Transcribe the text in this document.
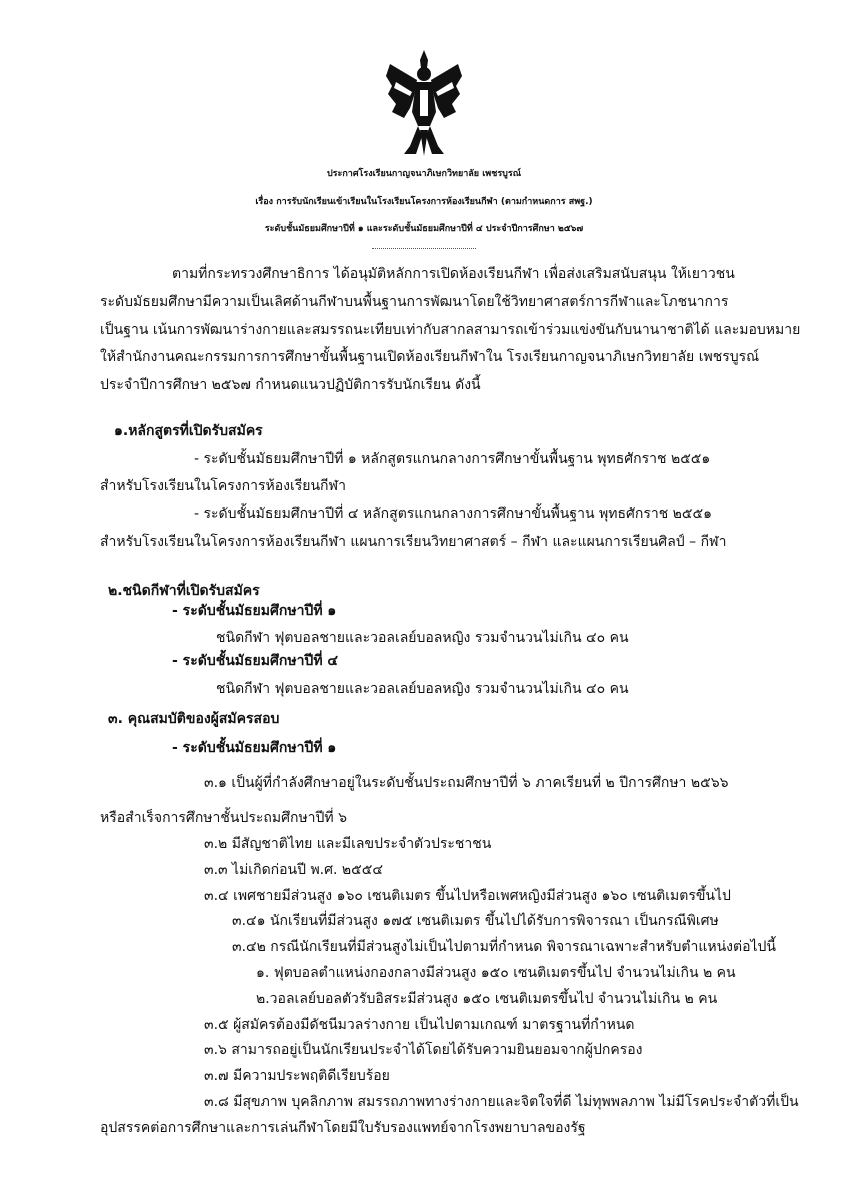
ประกาศโรงเรียนกาญจนาภิเษกวิทยาลัย เพชรบูรณ์
เรื่อง การรับนักเรียนเข้าเรียนในโรงเรียนโครงการห้องเรียนกีฬา (ตามกำหนดการ สพฐ.)
ระดับชั้นมัธยมศึกษาปีที่ ๑ และระดับชั้นมัธยมศึกษาปีที่ ๔ ประจำปีการศึกษา ๒๕๖๗
ตามที่กระทรวงศึกษาธิการ ได้อนุมัติหลักการเปิดห้องเรียนกีฬา เพื่อส่งเสริมสนับสนุน ให้เยาวชน
ระดับมัธยมศึกษามีความเป็นเลิศด้านกีฬาบนพื้นฐานการพัฒนาโดยใช้วิทยาศาสตร์การกีฬาและโภชนาการ
เป็นฐาน เน้นการพัฒนาร่างกายและสมรรถนะเทียบเท่ากับสากลสามารถเข้าร่วมแข่งขันกับนานาชาติได้ และมอบหมาย
ให้สำนักงานคณะกรรมการการศึกษาขั้นพื้นฐานเปิดห้องเรียนกีฬาใน โรงเรียนกาญจนาภิเษกวิทยาลัย เพชรบูรณ์
ประจำปีการศึกษา ๒๕๖๗ กำหนดแนวปฏิบัติการรับนักเรียน ดังนี้
๑.หลักสูตรที่เปิดรับสมัคร
- ระดับชั้นมัธยมศึกษาปีที่ ๑ หลักสูตรแกนกลางการศึกษาขั้นพื้นฐาน พุทธศักราช ๒๕๕๑
สำหรับโรงเรียนในโครงการห้องเรียนกีฬา
- ระดับชั้นมัธยมศึกษาปีที่ ๔ หลักสูตรแกนกลางการศึกษาขั้นพื้นฐาน พุทธศักราช ๒๕๕๑
สำหรับโรงเรียนในโครงการห้องเรียนกีฬา แผนการเรียนวิทยาศาสตร์ – กีฬา และแผนการเรียนศิลป์ – กีฬา
๒.ชนิดกีฬาที่เปิดรับสมัคร
- ระดับชั้นมัธยมศึกษาปีที่ ๑
ชนิดกีฬา ฟุตบอลชายและวอลเลย์บอลหญิง รวมจำนวนไม่เกิน ๔๐ คน
- ระดับชั้นมัธยมศึกษาปีที่ ๔
ชนิดกีฬา ฟุตบอลชายและวอลเลย์บอลหญิง รวมจำนวนไม่เกิน ๔๐ คน
๓. คุณสมบัติของผู้สมัครสอบ
- ระดับชั้นมัธยมศึกษาปีที่ ๑
๓.๑ เป็นผู้ที่กำลังศึกษาอยู่ในระดับชั้นประถมศึกษาปีที่ ๖ ภาคเรียนที่ ๒ ปีการศึกษา ๒๕๖๖
หรือสำเร็จการศึกษาชั้นประถมศึกษาปีที่ ๖
๓.๒ มีสัญชาติไทย และมีเลขประจำตัวประชาชน
๓.๓ ไม่เกิดก่อนปี พ.ศ. ๒๕๕๔
๓.๔ เพศชายมีส่วนสูง ๑๖๐ เซนติเมตร ขึ้นไปหรือเพศหญิงมีส่วนสูง ๑๖๐ เซนติเมตรขึ้นไป
๓.๔๑ นักเรียนที่มีส่วนสูง ๑๗๕ เซนติเมตร ขึ้นไปได้รับการพิจารณา เป็นกรณีพิเศษ
๓.๔๒ กรณีนักเรียนที่มีส่วนสูงไม่เป็นไปตามที่กำหนด พิจารณาเฉพาะสำหรับตำแหน่งต่อไปนี้
๑. ฟุตบอลตำแหน่งกองกลางมีส่วนสูง ๑๕๐ เซนติเมตรขึ้นไป จำนวนไม่เกิน ๒ คน
๒.วอลเลย์บอลตัวรับอิสระมีส่วนสูง ๑๕๐ เซนติเมตรขึ้นไป จำนวนไม่เกิน ๒ คน
๓.๕ ผู้สมัครต้องมีดัชนีมวลร่างกาย เป็นไปตามเกณฑ์ มาตรฐานที่กำหนด
๓.๖ สามารถอยู่เป็นนักเรียนประจำได้โดยได้รับความยินยอมจากผู้ปกครอง
๓.๗ มีความประพฤติดีเรียบร้อย
๓.๘ มีสุขภาพ บุคลิกภาพ สมรรถภาพทางร่างกายและจิตใจที่ดี ไม่ทุพพลภาพ ไม่มีโรคประจำตัวที่เป็น
อุปสรรคต่อการศึกษาและการเล่นกีฬาโดยมีใบรับรองแพทย์จากโรงพยาบาลของรัฐ
